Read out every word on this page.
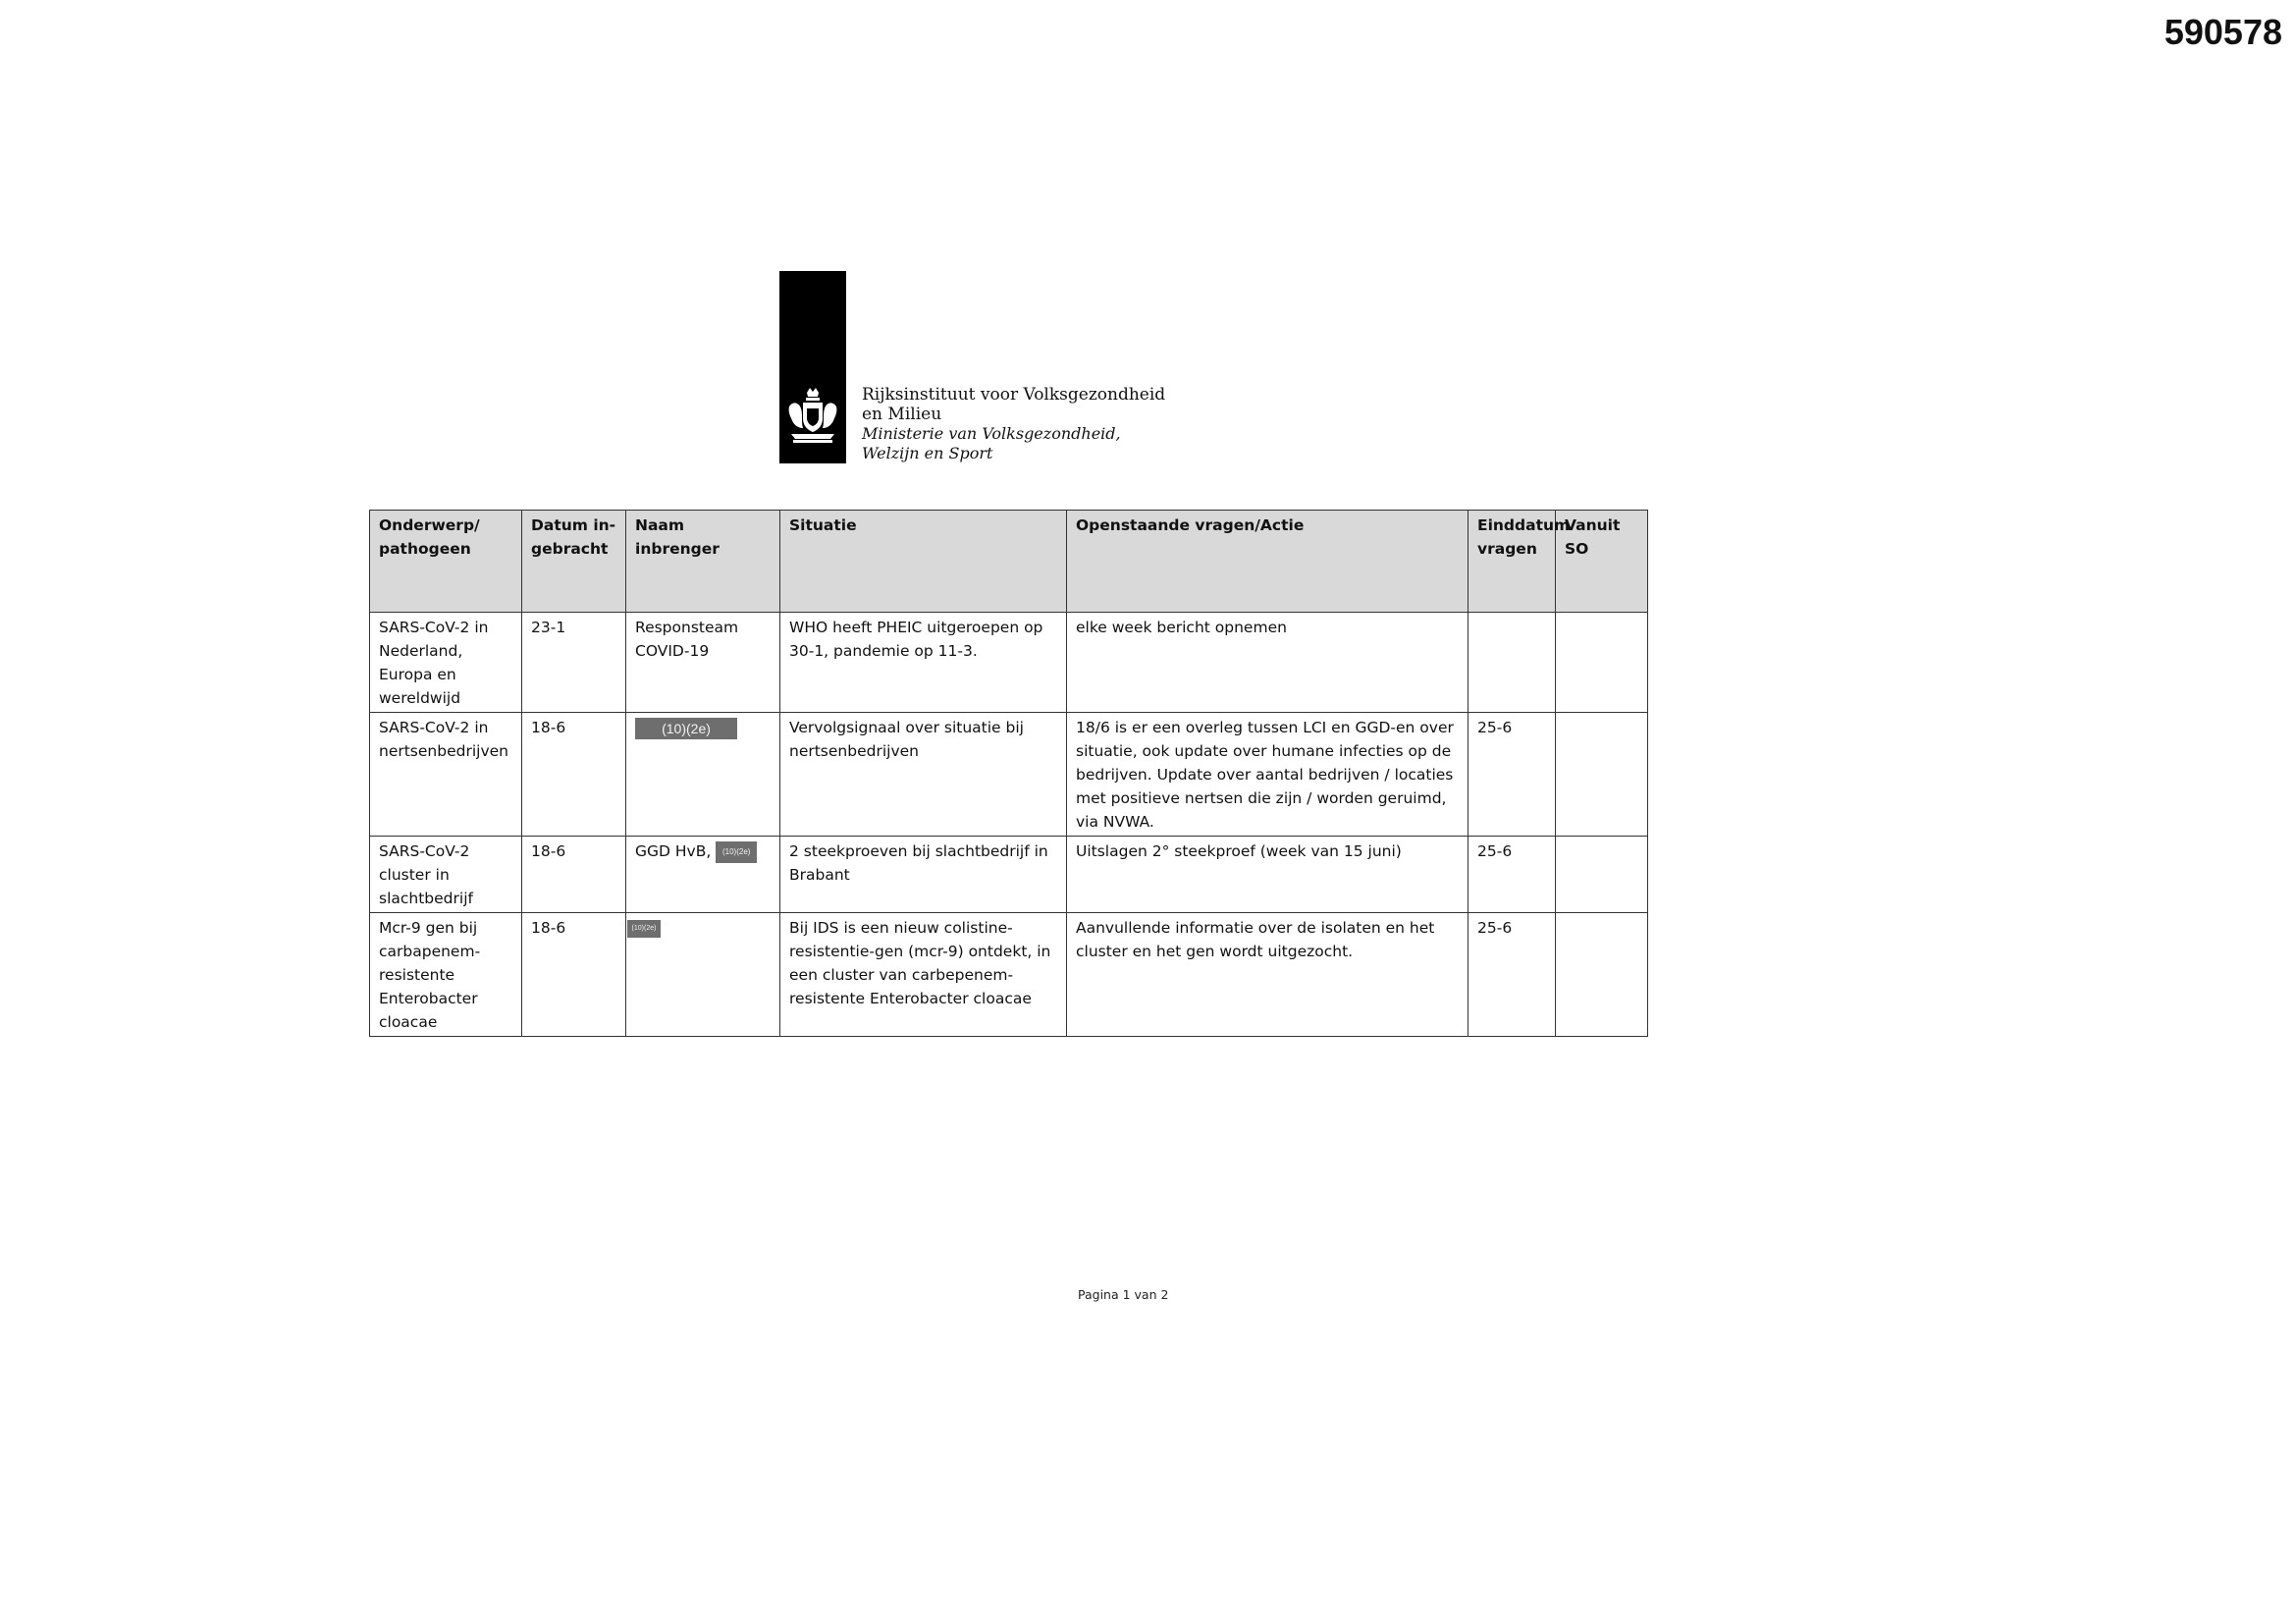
590578
Rijksinstituut voor Volksgezondheid
en Milieu
Ministerie van Volksgezondheid,
Welzijn en Sport
Onderwerp/ pathogeen	Datum in-gebracht	Naam inbrenger	Situatie	Openstaande vragen/Actie	Einddatum vragen	Vanuit SO
SARS-CoV-2 in Nederland, Europa en wereldwijd	23-1	Responsteam COVID-19	WHO heeft PHEIC uitgeroepen op 30-1, pandemie op 11-3.	elke week bericht opnemen		
SARS-CoV-2 in nertsenbedrijven	18-6	(10)(2e)	Vervolgsignaal over situatie bij nertsenbedrijven	18/6 is er een overleg tussen LCI en GGD-en over situatie, ook update over humane infecties op de bedrijven. Update over aantal bedrijven / locaties met positieve nertsen die zijn / worden geruimd, via NVWA.	25-6	
SARS-CoV-2 cluster in slachtbedrijf	18-6	GGD HvB, (10)(2e)	2 steekproeven bij slachtbedrijf in Brabant	Uitslagen 2° steekproef (week van 15 juni)	25-6	
Mcr-9 gen bij carbapenem-resistente Enterobacter cloacae	18-6	(10)(2e)	Bij IDS is een nieuw colistine-resistentie-gen (mcr-9) ontdekt, in een cluster van carbepenem-resistente Enterobacter cloacae	Aanvullende informatie over de isolaten en het cluster en het gen wordt uitgezocht.	25-6	
Pagina 1 van 2
